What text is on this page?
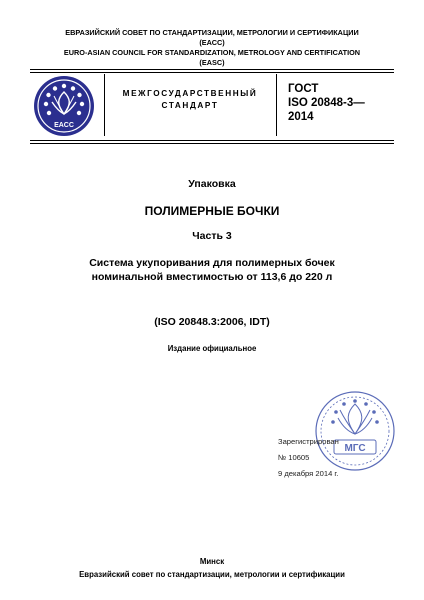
ЕВРАЗИЙСКИЙ СОВЕТ ПО СТАНДАРТИЗАЦИИ, МЕТРОЛОГИИ И СЕРТИФИКАЦИИ
(ЕАСС)
EURO-ASIAN COUNCIL FOR STANDARDIZATION, METROLOGY AND CERTIFICATION
(EASC)
EACC
МЕЖГОСУДАРСТВЕННЫЙ
СТАНДАРТ
ГОСТ
ISO 20848-3—
2014
Упаковка
ПОЛИМЕРНЫЕ БОЧКИ
Часть 3
Система укупоривания для полимерных бочек
номинальной вместимостью от 113,6 до 220 л
(ISO 20848.3:2006, IDT)
Издание официальное
МГС
Зарегистрирован
№ 10605
9 декабря 2014 г.
Минск
Евразийский совет по стандартизации, метрологии и сертификации
